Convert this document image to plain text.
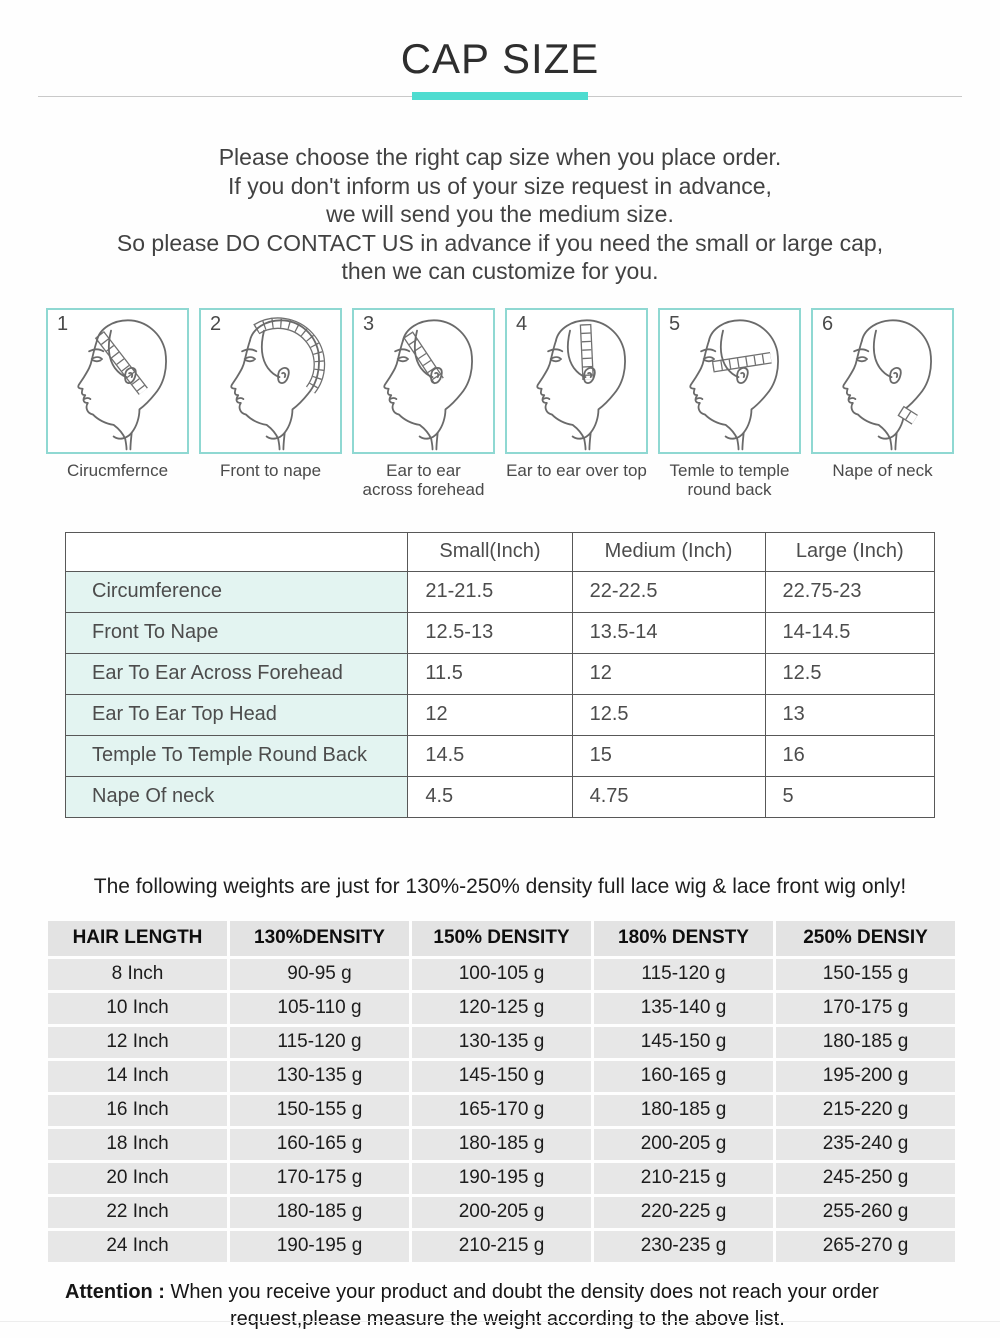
CAP SIZE
Please choose the right cap size when you place order.
If you don't inform us of your size request in advance,
we will send you the medium size.
So please DO CONTACT US in advance if you need the small or large cap,
then we can customize for you.
1
Cirucmfernce
2
Front to nape
3
Ear to ear
across forehead
4
Ear to ear over top
5
Temle to temple
round back
6
Nape of neck
	Small(Inch)	Medium (Inch)	Large (Inch)
Circumference	21-21.5	22-22.5	22.75-23
Front To Nape	12.5-13	13.5-14	14-14.5
Ear To Ear Across Forehead	11.5	12	12.5
Ear To Ear Top Head	12	12.5	13
Temple To Temple Round Back	14.5	15	16
Nape Of neck	4.5	4.75	5
The following weights are just for 130%-250% density full lace wig & lace front wig only!
HAIR LENGTH	130%DENSITY	150% DENSITY	180% DENSTY	250% DENSIY
8 Inch	90-95 g	100-105 g	115-120 g	150-155 g
10 Inch	105-110 g	120-125 g	135-140 g	170-175 g
12 Inch	115-120 g	130-135 g	145-150 g	180-185 g
14 Inch	130-135 g	145-150 g	160-165 g	195-200 g
16 Inch	150-155 g	165-170 g	180-185 g	215-220 g
18 Inch	160-165 g	180-185 g	200-205 g	235-240 g
20 Inch	170-175 g	190-195 g	210-215 g	245-250 g
22 Inch	180-185 g	200-205 g	220-225 g	255-260 g
24 Inch	190-195 g	210-215 g	230-235 g	265-270 g

Attention : When you receive your product and doubt the density does not reach your order request,please measure the weight according to the above list.
